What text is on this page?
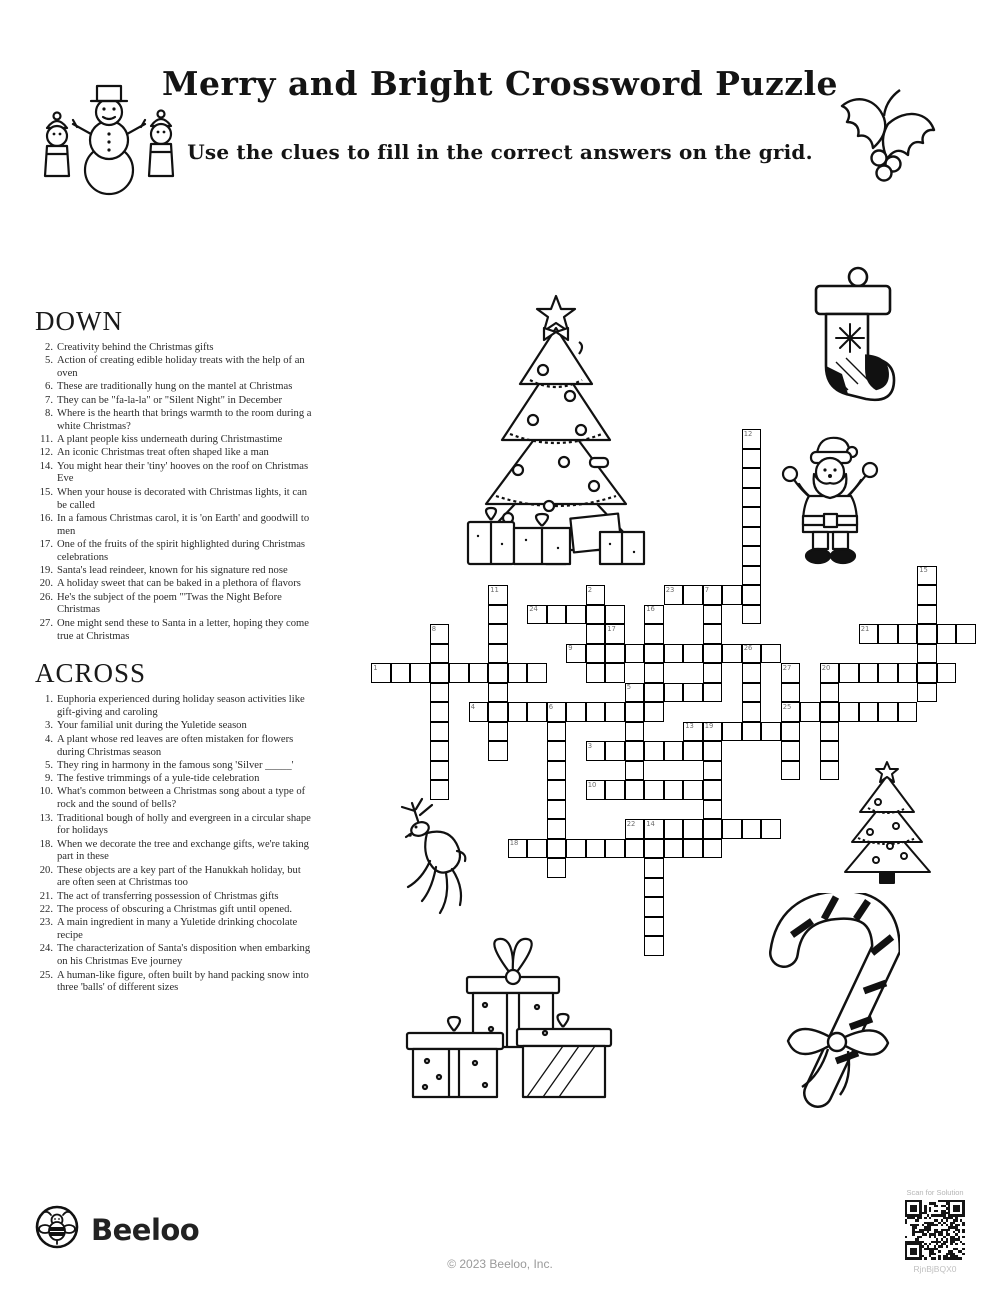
Merry and Bright Crossword Puzzle
Use the clues to fill in the correct answers on the grid.
DOWN
2. Creativity behind the Christmas gifts
5. Action of creating edible holiday treats with the help of an oven
6. These are traditionally hung on the mantel at Christmas
7. They can be "fa-la-la" or "Silent Night" in December
8. Where is the hearth that brings warmth to the room during a white Christmas?
11. A plant people kiss underneath during Christmastime
12. An iconic Christmas treat often shaped like a man
14. You might hear their 'tiny' hooves on the roof on Christmas Eve
15. When your house is decorated with Christmas lights, it can be called
16. In a famous Christmas carol, it is 'on Earth' and goodwill to men
17. One of the fruits of the spirit highlighted during Christmas celebrations
19. Santa's lead reindeer, known for his signature red nose
20. A holiday sweet that can be baked in a plethora of flavors
26. He's the subject of the poem "'Twas the Night Before Christmas
27. One might send these to Santa in a letter, hoping they come true at Christmas
ACROSS
1. Euphoria experienced during holiday season activities like gift-giving and caroling
3. Your familial unit during the Yuletide season
4. A plant whose red leaves are often mistaken for flowers during Christmas season
5. They ring in harmony in the famous song 'Silver _____'
9. The festive trimmings of a yule-tide celebration
10. What's common between a Christmas song about a type of rock and the sound of bells?
13. Traditional bough of holly and evergreen in a circular shape for holidays
18. When we decorate the tree and exchange gifts, we're taking part in these
20. These objects are a key part of the Hanukkah holiday, but are often seen at Christmas too
21. The act of transferring possession of Christmas gifts
22. The process of obscuring a Christmas gift until opened.
23. A main ingredient in many a Yuletide drinking chocolate recipe
24. The characterization of Santa's disposition when embarking on his Christmas Eve journey
25. A human-like figure, often built by hand packing snow into three 'balls' of different sizes
12
15
11	2	23	7
24	16
8	17	21
9	26
1	20
27
5
4	6	25
13 19
3
10
22 14
18
Beeloo
© 2023 Beeloo, Inc.
Scan for Solution
RjnBjBQX0
